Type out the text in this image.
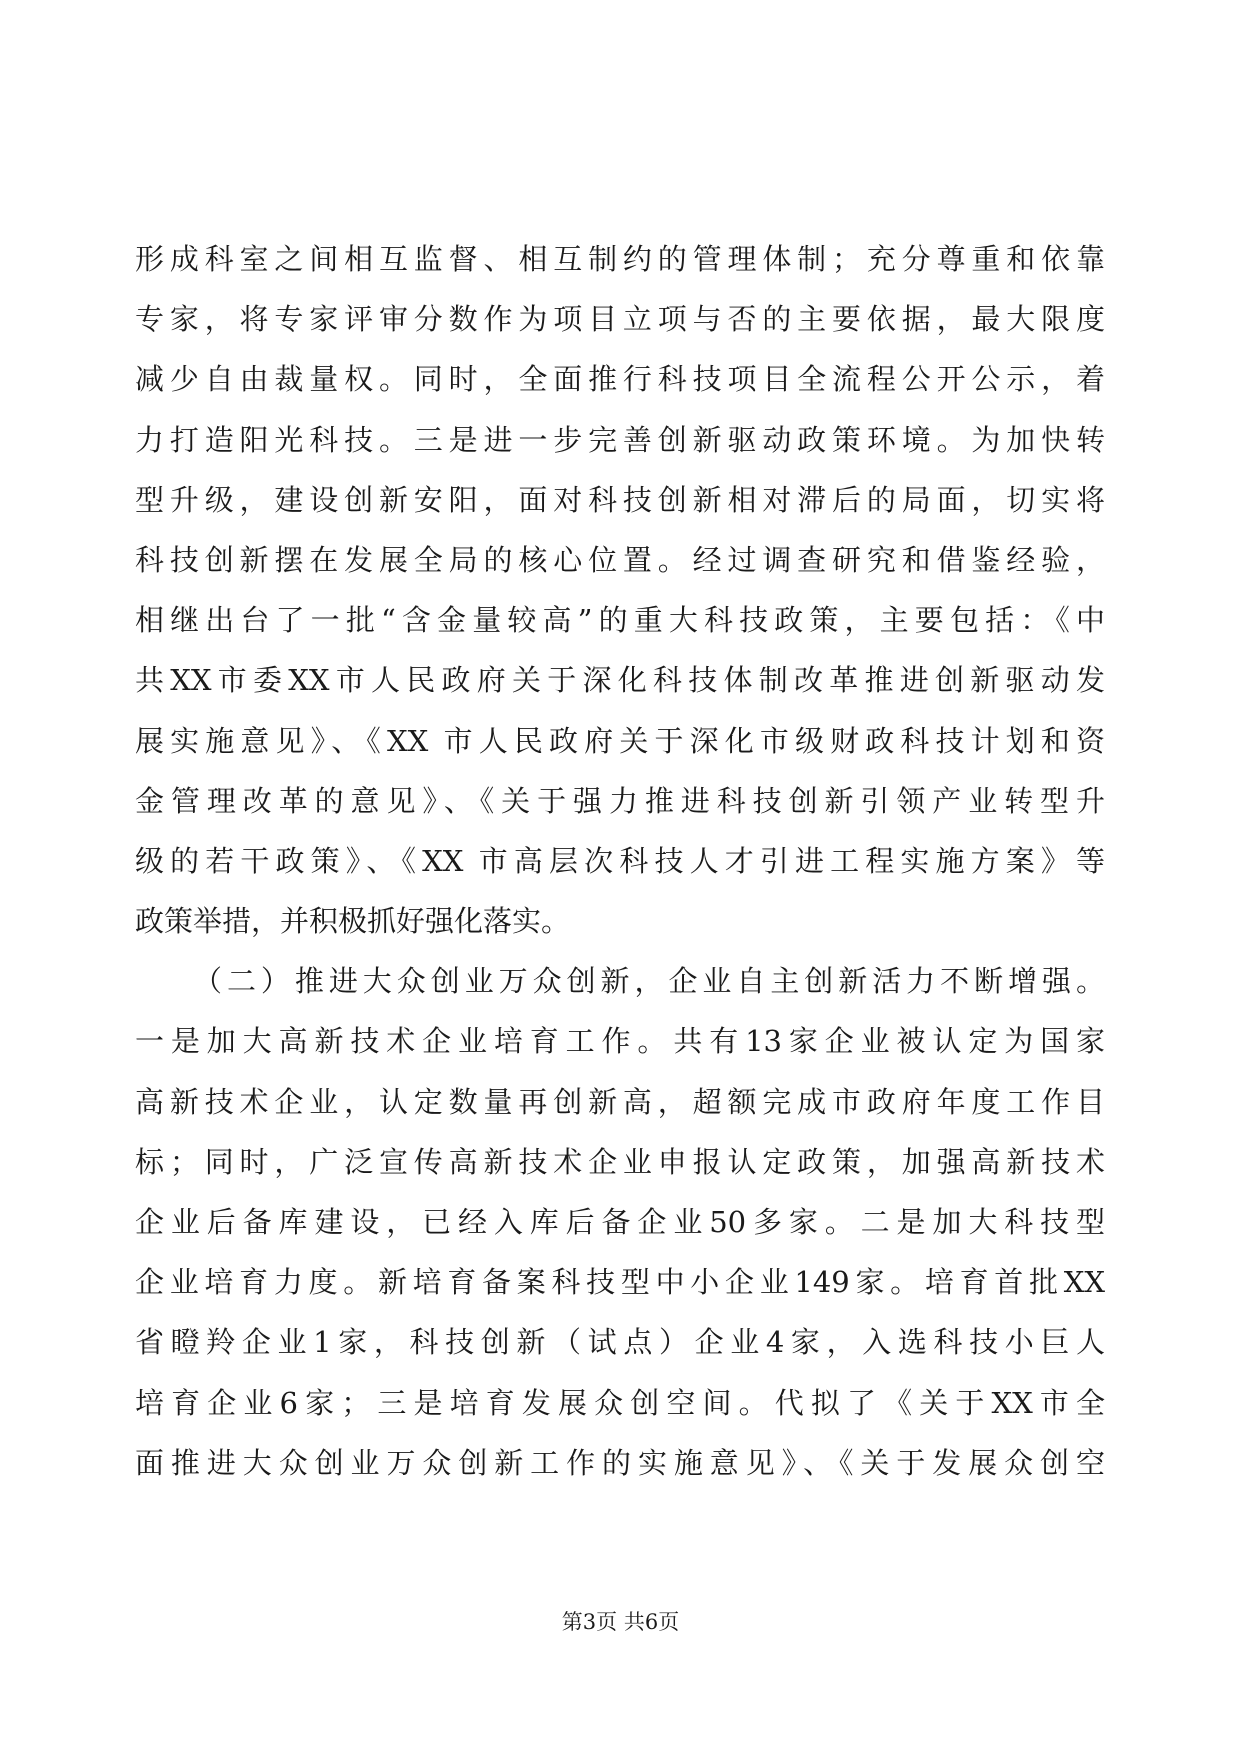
形成科室之间相互监督、相互制约的管理体制；充分尊重和依靠
专家，将专家评审分数作为项目立项与否的主要依据，最大限度
减少自由裁量权。同时，全面推行科技项目全流程公开公示，着
力打造阳光科技。三是进一步完善创新驱动政策环境。为加快转
型升级，建设创新安阳，面对科技创新相对滞后的局面，切实将
科技创新摆在发展全局的核心位置。经过调查研究和借鉴经验，
相继出台了一批“含金量较高”的重大科技政策，主要包括：《中
共XX市委XX市人民政府关于深化科技体制改革推进创新驱动发
展实施意见》、《XX 市人民政府关于深化市级财政科技计划和资
金管理改革的意见》、《关于强力推进科技创新引领产业转型升
级的若干政策》、《XX 市高层次科技人才引进工程实施方案》等
政策举措，并积极抓好强化落实。
（二）推进大众创业万众创新，企业自主创新活力不断增强。
一是加大高新技术企业培育工作。共有13家企业被认定为国家
高新技术企业，认定数量再创新高，超额完成市政府年度工作目
标；同时，广泛宣传高新技术企业申报认定政策，加强高新技术
企业后备库建设，已经入库后备企业50多家。二是加大科技型
企业培育力度。新培育备案科技型中小企业149家。培育首批XX
省瞪羚企业1家，科技创新（试点）企业4家，入选科技小巨人
培育企业6家；三是培育发展众创空间。代拟了《关于XX市全
面推进大众创业万众创新工作的实施意见》、《关于发展众创空
第3页 共6页
